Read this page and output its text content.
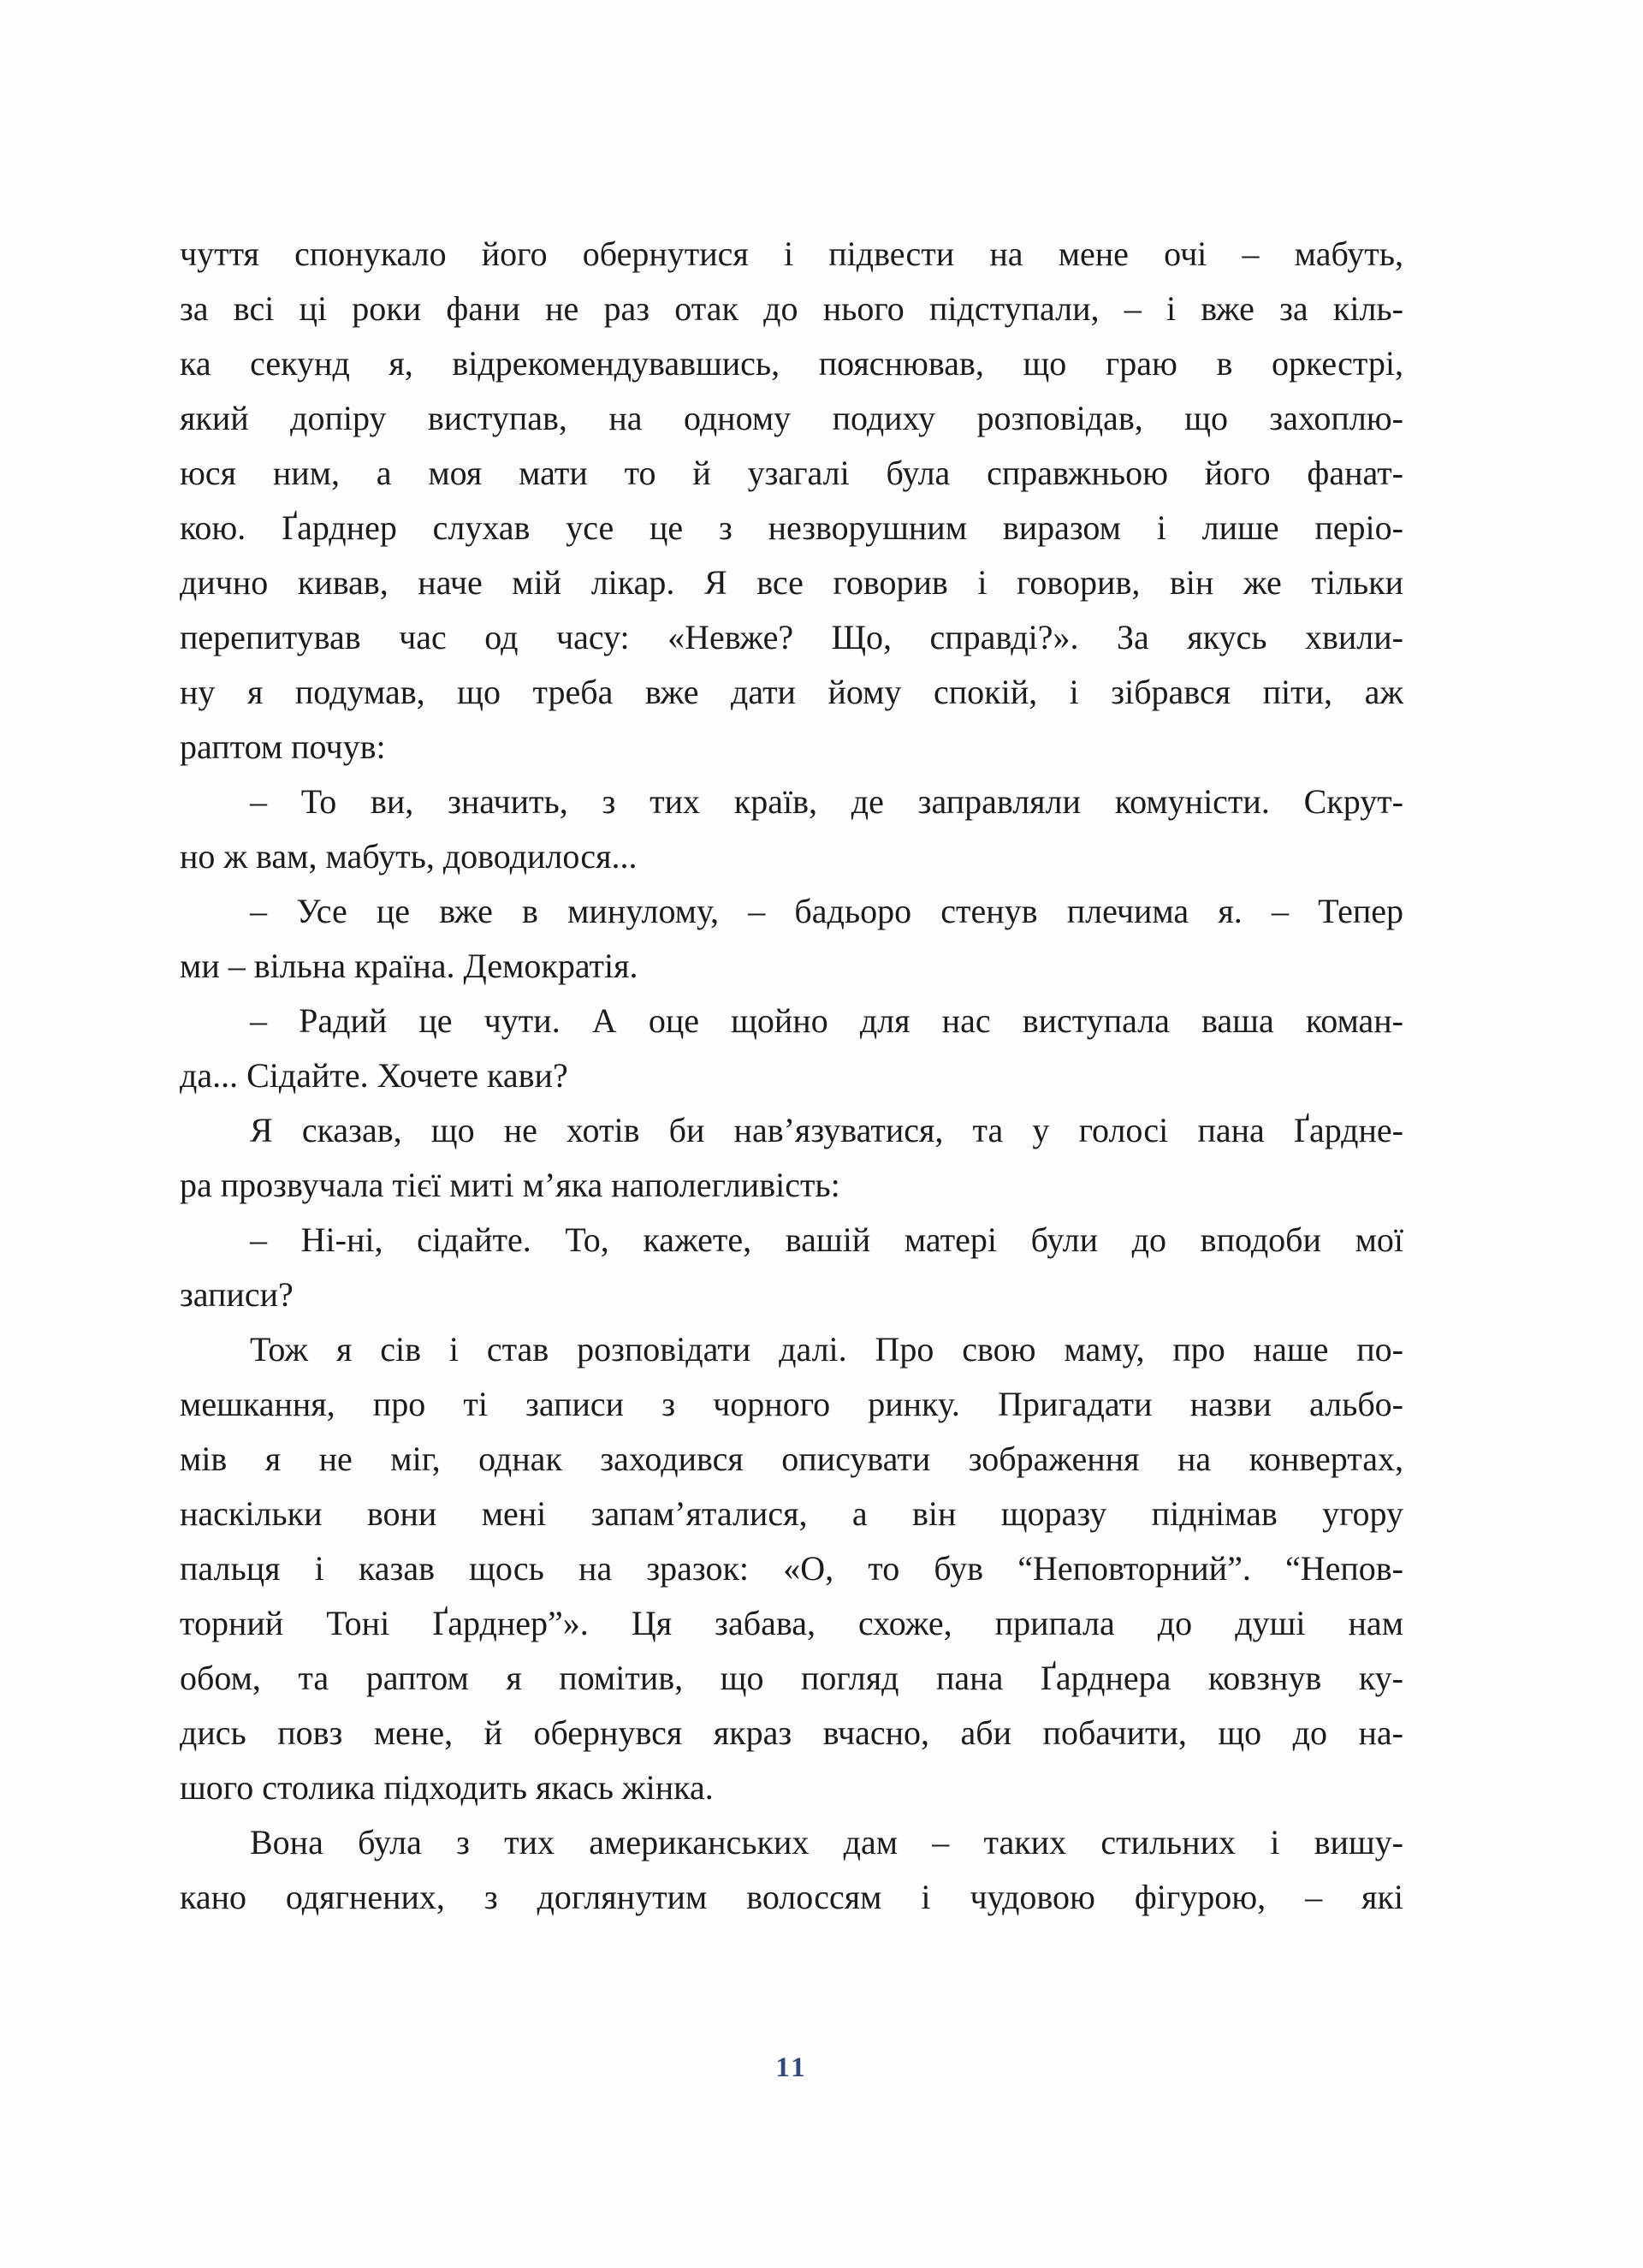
чуття спонукало його обернутися і підвести на мене очі – мабуть,
за всі ці роки фани не раз отак до нього підступали, – і вже за кіль-
ка секунд я, відрекомендувавшись, пояснював, що граю в оркестрі,
який допіру виступав, на одному подиху розповідав, що захоплю-
юся ним, а моя мати то й узагалі була справжньою його фанат-
кою. Ґарднер слухав усе це з незворушним виразом і лише періо-
дично кивав, наче мій лікар. Я все говорив і говорив, він же тільки
перепитував час од часу: «Невже? Що, справді?». За якусь хвили-
ну я подумав, що треба вже дати йому спокій, і зібрався піти, аж
раптом почув:
– То ви, значить, з тих країв, де заправляли комуністи. Скрут-
но ж вам, мабуть, доводилося...
– Усе це вже в минулому, – бадьоро стенув плечима я. – Тепер
ми – вільна країна. Демократія.
– Радий це чути. А оце щойно для нас виступала ваша коман-
да... Сідайте. Хочете кави?
Я сказав, що не хотів би нав’язуватися, та у голосі пана Ґардне-
ра прозвучала тієї миті м’яка наполегливість:
– Ні-ні, сідайте. То, кажете, вашій матері були до вподоби мої
записи?
Тож я сів і став розповідати далі. Про свою маму, про наше по-
мешкання, про ті записи з чорного ринку. Пригадати назви альбо-
мів я не міг, однак заходився описувати зображення на конвертах,
наскільки вони мені запам’яталися, а він щоразу піднімав угору
пальця і казав щось на зразок: «О, то був “Неповторний”. “Непов-
торний Тоні Ґарднер”». Ця забава, схоже, припала до душі нам
обом, та раптом я помітив, що погляд пана Ґарднера ковзнув ку-
дись повз мене, й обернувся якраз вчасно, аби побачити, що до на-
шого столика підходить якась жінка.
Вона була з тих американських дам – таких стильних і вишу-
кано одягнених, з доглянутим волоссям і чудовою фігурою, – які
11
